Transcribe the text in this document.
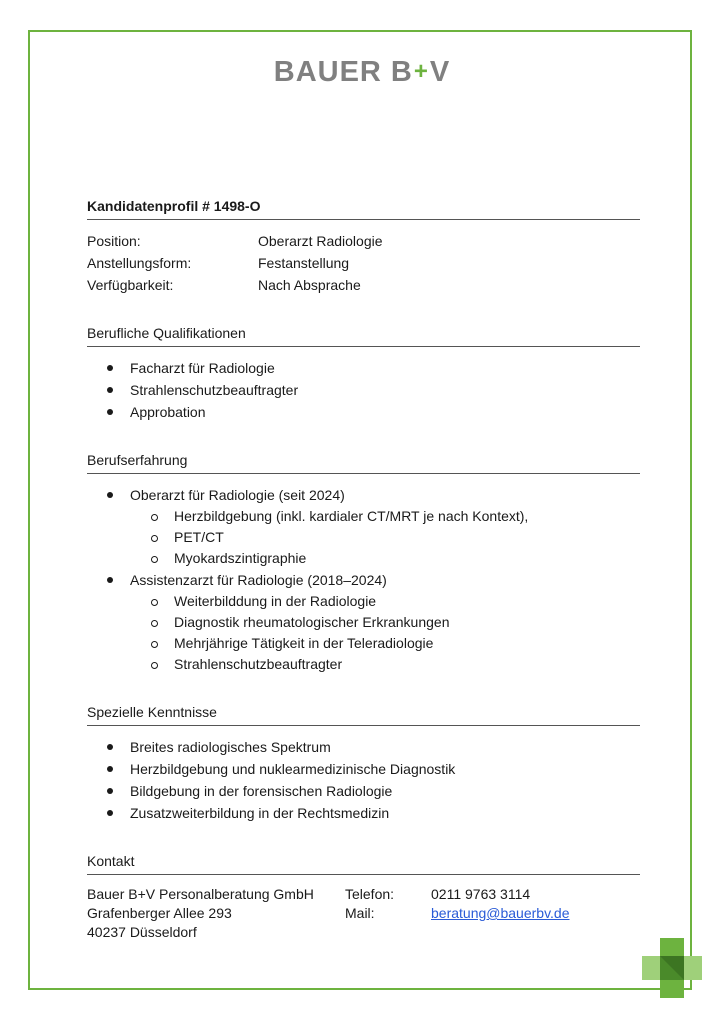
BAUER B+V
Kandidatenprofil # 1498-O
Position:	Oberarzt Radiologie
Anstellungsform:	Festanstellung
Verfügbarkeit:	Nach Absprache
Berufliche Qualifikationen
Facharzt für Radiologie
Strahlenschutzbeauftragter
Approbation
Berufserfahrung
Oberarzt für Radiologie (seit 2024)
Herzbildgebung (inkl. kardialer CT/MRT je nach Kontext),
PET/CT
Myokardszintigraphie
Assistenzarzt für Radiologie (2018–2024)
Weiterbilddung in der Radiologie
Diagnostik rheumatologischer Erkrankungen
Mehrjährige Tätigkeit in der Teleradiologie
Strahlenschutzbeauftragter
Spezielle Kenntnisse
Breites radiologisches Spektrum
Herzbildgebung und nuklearmedizinische Diagnostik
Bildgebung in der forensischen Radiologie
Zusatzweiterbildung in der Rechtsmedizin
Kontakt
Bauer B+V Personalberatung GmbH	Telefon:	0211 9763 3114
Grafenberger Allee 293	Mail:	beratung@bauerbv.de
40237 Düsseldorf
